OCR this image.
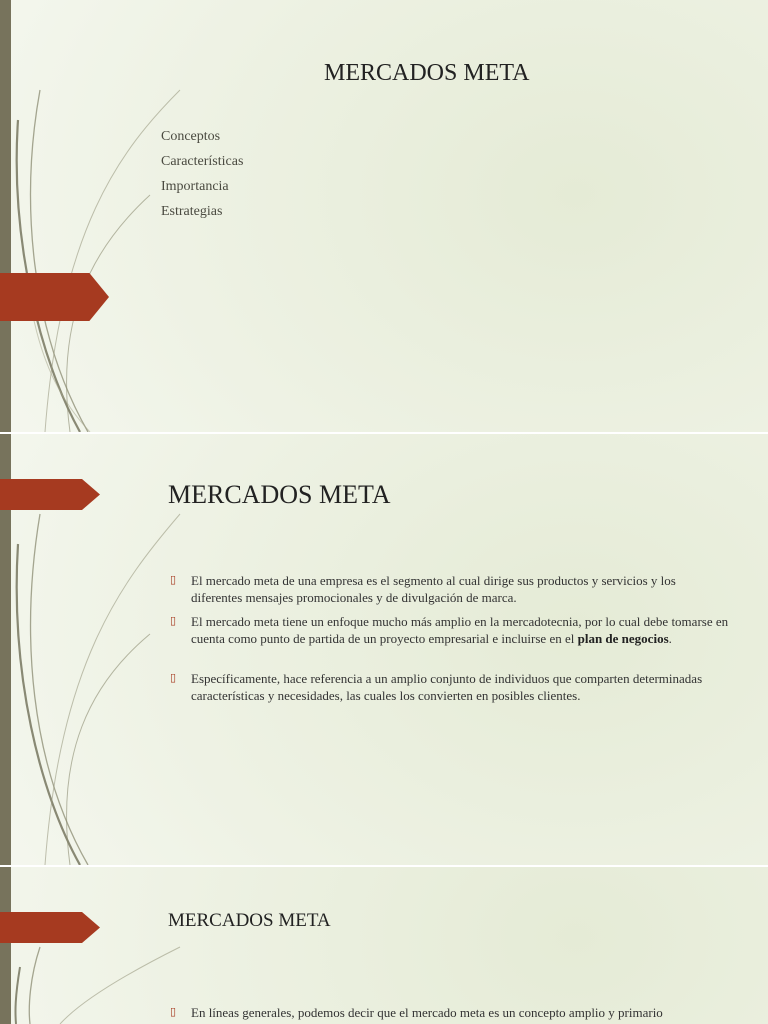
MERCADOS META
Conceptos
Características
Importancia
Estrategias
MERCADOS META
▯ El mercado meta de una empresa es el segmento al cual dirige sus productos y servicios y los diferentes mensajes promocionales y de divulgación de marca.
▯ El mercado meta tiene un enfoque mucho más amplio en la mercadotecnia, por lo cual debe tomarse en cuenta como punto de partida de un proyecto empresarial e incluirse en el plan de negocios.
▯ Específicamente, hace referencia a un amplio conjunto de individuos que comparten determinadas características y necesidades, las cuales los convierten en posibles clientes.
MERCADOS META
▯ En líneas generales, podemos decir que el mercado meta es un concepto amplio y primario
